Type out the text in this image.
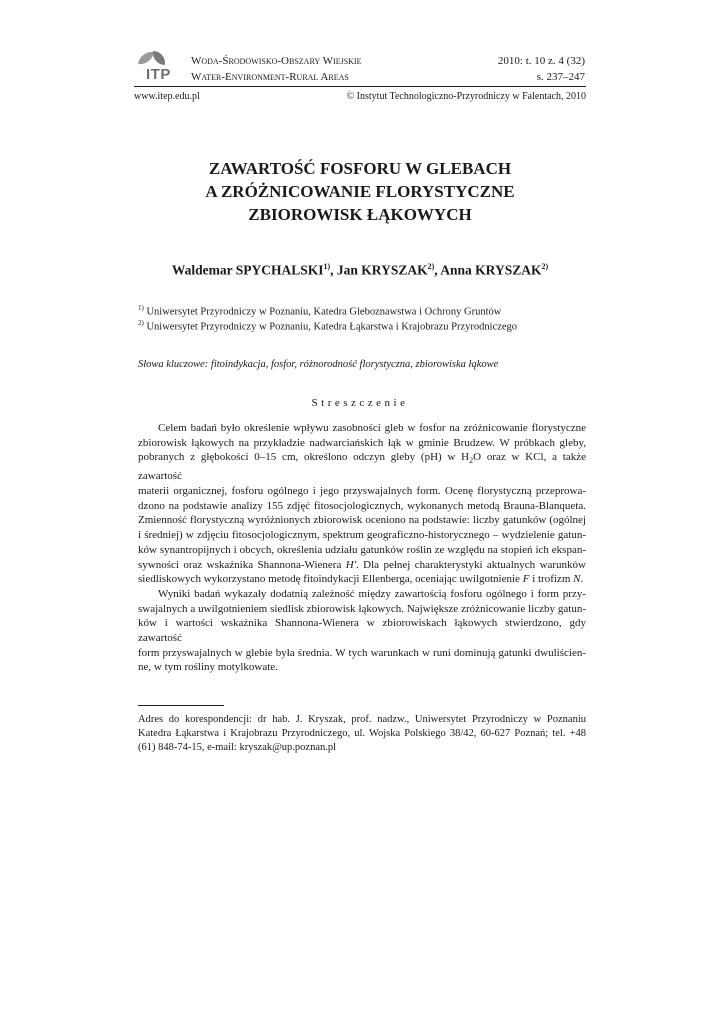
ITP
Woda-Środowisko-Obszary Wiejskie
Water-Environment-Rural Areas
2010: t. 10 z. 4 (32)
s. 237–247
www.itep.edu.pl	© Instytut Technologiczno-Przyrodniczy w Falentach, 2010
ZAWARTOŚĆ FOSFORU W GLEBACH
A ZRÓŻNICOWANIE FLORYSTYCZNE
ZBIOROWISK ŁĄKOWYCH
Waldemar SPYCHALSKI$^{1)}$, Jan KRYSZAK$^{2)}$, Anna KRYSZAK$^{2)}$
$^{1)}$ Uniwersytet Przyrodniczy w Poznaniu, Katedra Gleboznawstwa i Ochrony Gruntów
$^{2)}$ Uniwersytet Przyrodniczy w Poznaniu, Katedra Łąkarstwa i Krajobrazu Przyrodniczego
Słowa kluczowe: fitoindykacja, fosfor, różnorodność florystyczna, zbiorowiska łąkowe
Streszczenie
Celem badań było określenie wpływu zasobności gleb w fosfor na zróżnicowanie florystyczne
zbiorowisk łąkowych na przykładzie nadwarciańskich łąk w gminie Brudzew. W próbkach gleby,
pobranych z głębokości 0–15 cm, określono odczyn gleby (pH) w $H_2O$ oraz w KCl, a także zawartość
materii organicznej, fosforu ogólnego i jego przyswajalnych form. Ocenę florystyczną przeprowa-
dzono na podstawie analizy 155 zdjęć fitosocjologicznych, wykonanych metodą Brauna-Blanqueta.
Zmienność florystyczną wyróżnionych zbiorowisk oceniono na podstawie: liczby gatunków (ogólnej
i średniej) w zdjęciu fitosocjologicznym, spektrum geograficzno-historycznego – wydzielenie gatun-
ków synantropijnych i obcych, określenia udziału gatunków roślin ze względu na stopień ich ekspan-
sywności oraz wskaźnika Shannona-Wienera H'. Dla pełnej charakterystyki aktualnych warunków
siedliskowych wykorzystano metodę fitoindykacji Ellenberga, oceniając uwilgotnienie F i trofizm N.
Wyniki badań wykazały dodatnią zależność między zawartością fosforu ogólnego i form przy-
swajalnych a uwilgotnieniem siedlisk zbiorowisk łąkowych. Największe zróżnicowanie liczby gatun-
ków i wartości wskaźnika Shannona-Wienera w zbiorowiskach łąkowych stwierdzono, gdy zawartość
form przyswajalnych w glebie była średnia. W tych warunkach w runi dominują gatunki dwuliścien-
ne, w tym rośliny motylkowate.
Adres do korespondencji: dr hab. J. Kryszak, prof. nadzw., Uniwersytet Przyrodniczy w Poznaniu
Katedra Łąkarstwa i Krajobrazu Przyrodniczego, ul. Wojska Polskiego 38/42, 60-627 Poznań; tel. +48
(61) 848-74-15, e-mail: kryszak@up.poznan.pl
